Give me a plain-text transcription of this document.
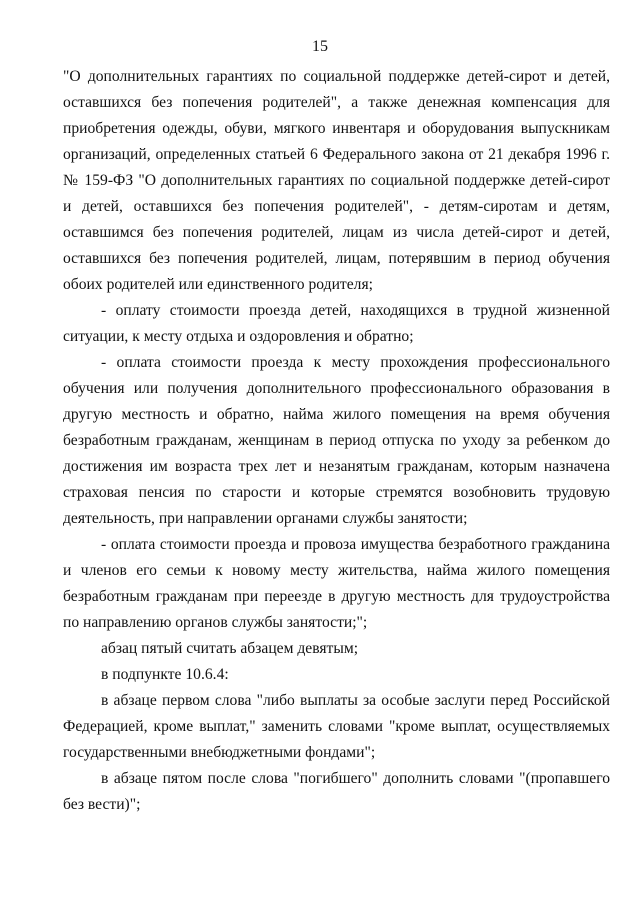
15

"О дополнительных гарантиях по социальной поддержке детей-сирот и детей, оставшихся без попечения родителей", а также денежная компенсация для приобретения одежды, обуви, мягкого инвентаря и оборудования выпускникам организаций, определенных статьей 6 Федерального закона от 21 декабря 1996 г. № 159-ФЗ "О дополнительных гарантиях по социальной поддержке детей-сирот и детей, оставшихся без попечения родителей", - детям-сиротам и детям, оставшимся без попечения родителей, лицам из числа детей-сирот и детей, оставшихся без попечения родителей, лицам, потерявшим в период обучения обоих родителей или единственного родителя;

- оплату стоимости проезда детей, находящихся в трудной жизненной ситуации, к месту отдыха и оздоровления и обратно;

- оплата стоимости проезда к месту прохождения профессионального обучения или получения дополнительного профессионального образования в другую местность и обратно, найма жилого помещения на время обучения безработным гражданам, женщинам в период отпуска по уходу за ребенком до достижения им возраста трех лет и незанятым гражданам, которым назначена страховая пенсия по старости и которые стремятся возобновить трудовую деятельность, при направлении органами службы занятости;

- оплата стоимости проезда и провоза имущества безработного гражданина и членов его семьи к новому месту жительства, найма жилого помещения безработным гражданам при переезде в другую местность для трудоустройства по направлению органов службы занятости;";

абзац пятый считать абзацем девятым;

в подпункте 10.6.4:

в абзаце первом слова "либо выплаты за особые заслуги перед Российской Федерацией, кроме выплат," заменить словами "кроме выплат, осуществляемых государственными внебюджетными фондами";

в абзаце пятом после слова "погибшего" дополнить словами "(пропавшего без вести)";
